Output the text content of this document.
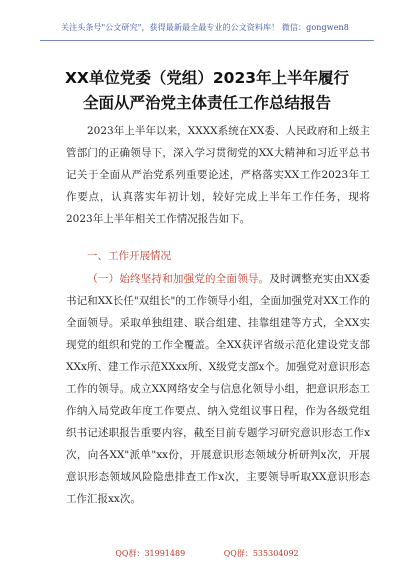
关注头条号"公文研究"，获得最新最全最专业的公文资料库！ 微信：gongwen8
XX单位党委（党组）2023年上半年履行
全面从严治党主体责任工作总结报告
2023年上半年以来，XXXX系统在XX委、人民政府和上级主管部门的正确领导下，深入学习贯彻党的XX大精神和习近平总书记关于全面从严治党系列重要论述，严格落实XX工作2023年工作要点，认真落实年初计划，较好完成上半年工作任务，现将2023年上半年相关工作情况报告如下。
一、工作开展情况
（一）始终坚持和加强党的全面领导。及时调整充实由XX委书记和XX长任"双组长"的工作领导小组，全面加强党对XX工作的全面领导。采取单独组建、联合组建、挂靠组建等方式，全XX实现党的组织和党的工作全覆盖。全XX获评省级示范化建设党支部XXx所、建工作示范XXxx所、X级党支部x个。加强党对意识形态工作的领导。成立XX网络安全与信息化领导小组，把意识形态工作纳入局党政年度工作要点、纳入党组议事日程，作为各级党组织书记述职报告重要内容，截至目前专题学习研究意识形态工作x次，向各XX"派单"xx份，开展意识形态领域分析研判x次，开展意识形态领域风险隐患排查工作x次，主要领导听取XX意识形态工作汇报xx次。
QQ群：31991489	QQ群：535304092
